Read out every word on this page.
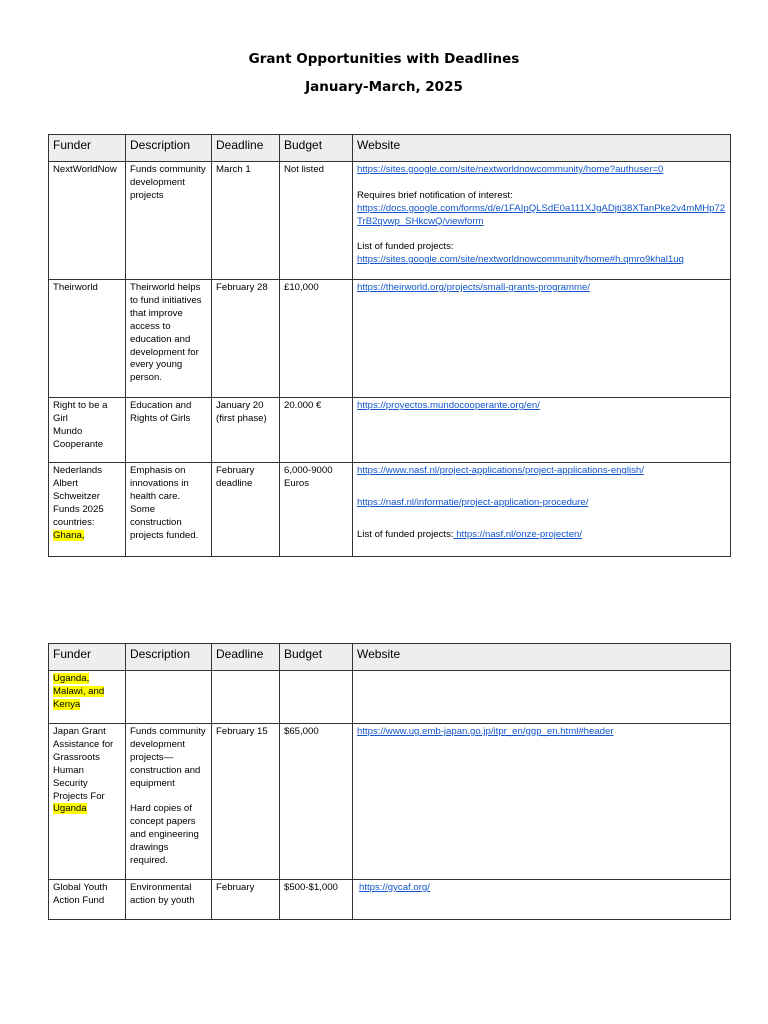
Grant Opportunities with Deadlines
January-March, 2025
Funder	Description	Deadline	Budget	Website
NextWorldNow	Funds community development projects	March 1	Not listed	https://sites.google.com/site/nextworldnowcommunity/home?authuser=0
Requires brief notification of interest:
https://docs.google.com/forms/d/e/1FAIpQLSdE0a111XJgADjti38XTanPke2v4mMHp72TrB2qvwp_SHkcwQ/viewform
List of funded projects:
https://sites.google.com/site/nextworldnowcommunity/home#h.qmro9khal1uq

Theirworld	Theirworld helps to fund initiatives that improve access to education and development for every young person.	February 28	£10,000	https://theirworld.org/projects/small-grants-programme/

Right to be a Girl
Mundo Cooperante	Education and Rights of Girls	January 20 (first phase)	20.000 €	https://proyectos.mundocooperante.org/en/

Nederlands Albert Schweitzer Funds 2025 countries: Ghana,	Emphasis on innovations in health care. Some construction projects funded.	February deadline	6,000-9000 Euros	https://www.nasf.nl/project-applications/project-applications-english/
https://nasf.nl/informatie/project-application-procedure/
List of funded projects: https://nasf.nl/onze-projecten/
Funder	Description	Deadline	Budget	Website
Uganda, Malawi, and Kenya				
Japan Grant Assistance for Grassroots Human Security Projects For Uganda	Funds community development projects—construction and equipment
Hard copies of concept papers and engineering drawings required.	February 15	$65,000	https://www.ug.emb-japan.go.jp/itpr_en/ggp_en.html#header

Global Youth Action Fund	Environmental action by youth	February	$500-$1,000	https://gycaf.org/
